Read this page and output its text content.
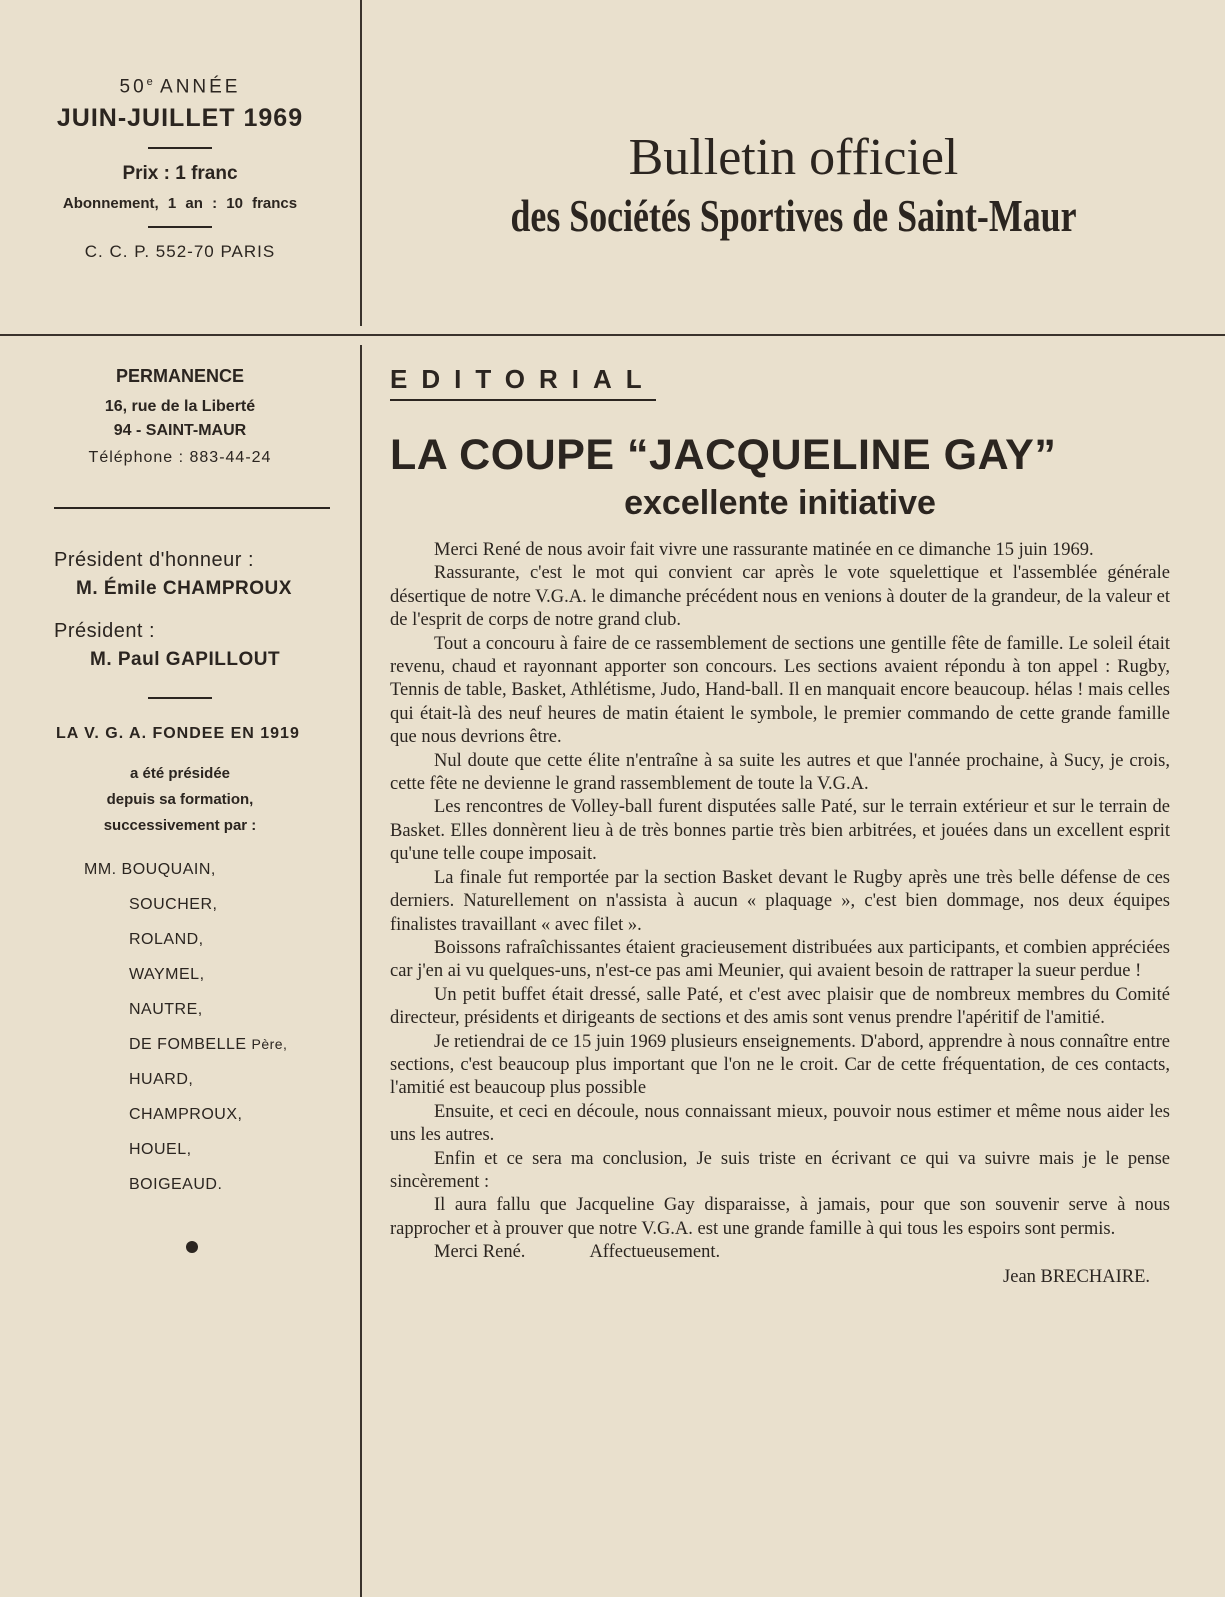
50e ANNÉE
JUIN-JUILLET 1969
Prix : 1 franc
Abonnement, 1 an : 10 francs
C. C. P. 552-70 PARIS
Bulletin officiel
des Sociétés Sportives de Saint-Maur
PERMANENCE
16, rue de la Liberté
94 - SAINT-MAUR
Téléphone : 883-44-24
Président d'honneur :
M. Émile CHAMPROUX
Président :
M. Paul GAPILLOUT
LA V. G. A. FONDEE EN 1919
a été présidée
depuis sa formation,
successivement par :
MM. BOUQUAIN,
SOUCHER,
ROLAND,
WAYMEL,
NAUTRE,
DE FOMBELLE Père,
HUARD,
CHAMPROUX,
HOUEL,
BOIGEAUD.
EDITORIAL
LA COUPE “JACQUELINE GAY”
excellente initiative

Merci René de nous avoir fait vivre une rassurante matinée en ce dimanche 15 juin 1969.

Rassurante, c'est le mot qui convient car après le vote squelettique et l'assemblée générale désertique de notre V.G.A. le dimanche précédent nous en venions à douter de la grandeur, de la valeur et de l'esprit de corps de notre grand club.

Tout a concouru à faire de ce rassemblement de sections une gentille fête de famille. Le soleil était revenu, chaud et rayonnant apporter son concours. Les sections avaient répondu à ton appel : Rugby, Tennis de table, Basket, Athlétisme, Judo, Hand-ball. Il en manquait encore beaucoup. hélas ! mais celles qui était-là des neuf heures de matin étaient le symbole, le premier commando de cette grande famille que nous devrions être.

Nul doute que cette élite n'entraîne à sa suite les autres et que l'année prochaine, à Sucy, je crois, cette fête ne devienne le grand rassemblement de toute la V.G.A.

Les rencontres de Volley-ball furent disputées salle Paté, sur le terrain extérieur et sur le terrain de Basket. Elles donnèrent lieu à de très bonnes partie très bien arbitrées, et jouées dans un excellent esprit qu'une telle coupe imposait.

La finale fut remportée par la section Basket devant le Rugby après une très belle défense de ces derniers. Naturellement on n'assista à aucun « plaquage », c'est bien dommage, nos deux équipes finalistes travaillant « avec filet ».

Boissons rafraîchissantes étaient gracieusement distribuées aux participants, et combien appréciées car j'en ai vu quelques-uns, n'est-ce pas ami Meunier, qui avaient besoin de rattraper la sueur perdue !

Un petit buffet était dressé, salle Paté, et c'est avec plaisir que de nombreux membres du Comité directeur, présidents et dirigeants de sections et des amis sont venus prendre l'apéritif de l'amitié.

Je retiendrai de ce 15 juin 1969 plusieurs enseignements. D'abord, apprendre à nous connaître entre sections, c'est beaucoup plus important que l'on ne le croit. Car de cette fréquentation, de ces contacts, l'amitié est beaucoup plus possible

Ensuite, et ceci en découle, nous connaissant mieux, pouvoir nous estimer et même nous aider les uns les autres.

Enfin et ce sera ma conclusion, Je suis triste en écrivant ce qui va suivre mais je le pense sincèrement :

Il aura fallu que Jacqueline Gay disparaisse, à jamais, pour que son souvenir serve à nous rapprocher et à prouver que notre V.G.A. est une grande famille à qui tous les espoirs sont permis.

Merci René.	Affectueusement.
Jean BRECHAIRE.
